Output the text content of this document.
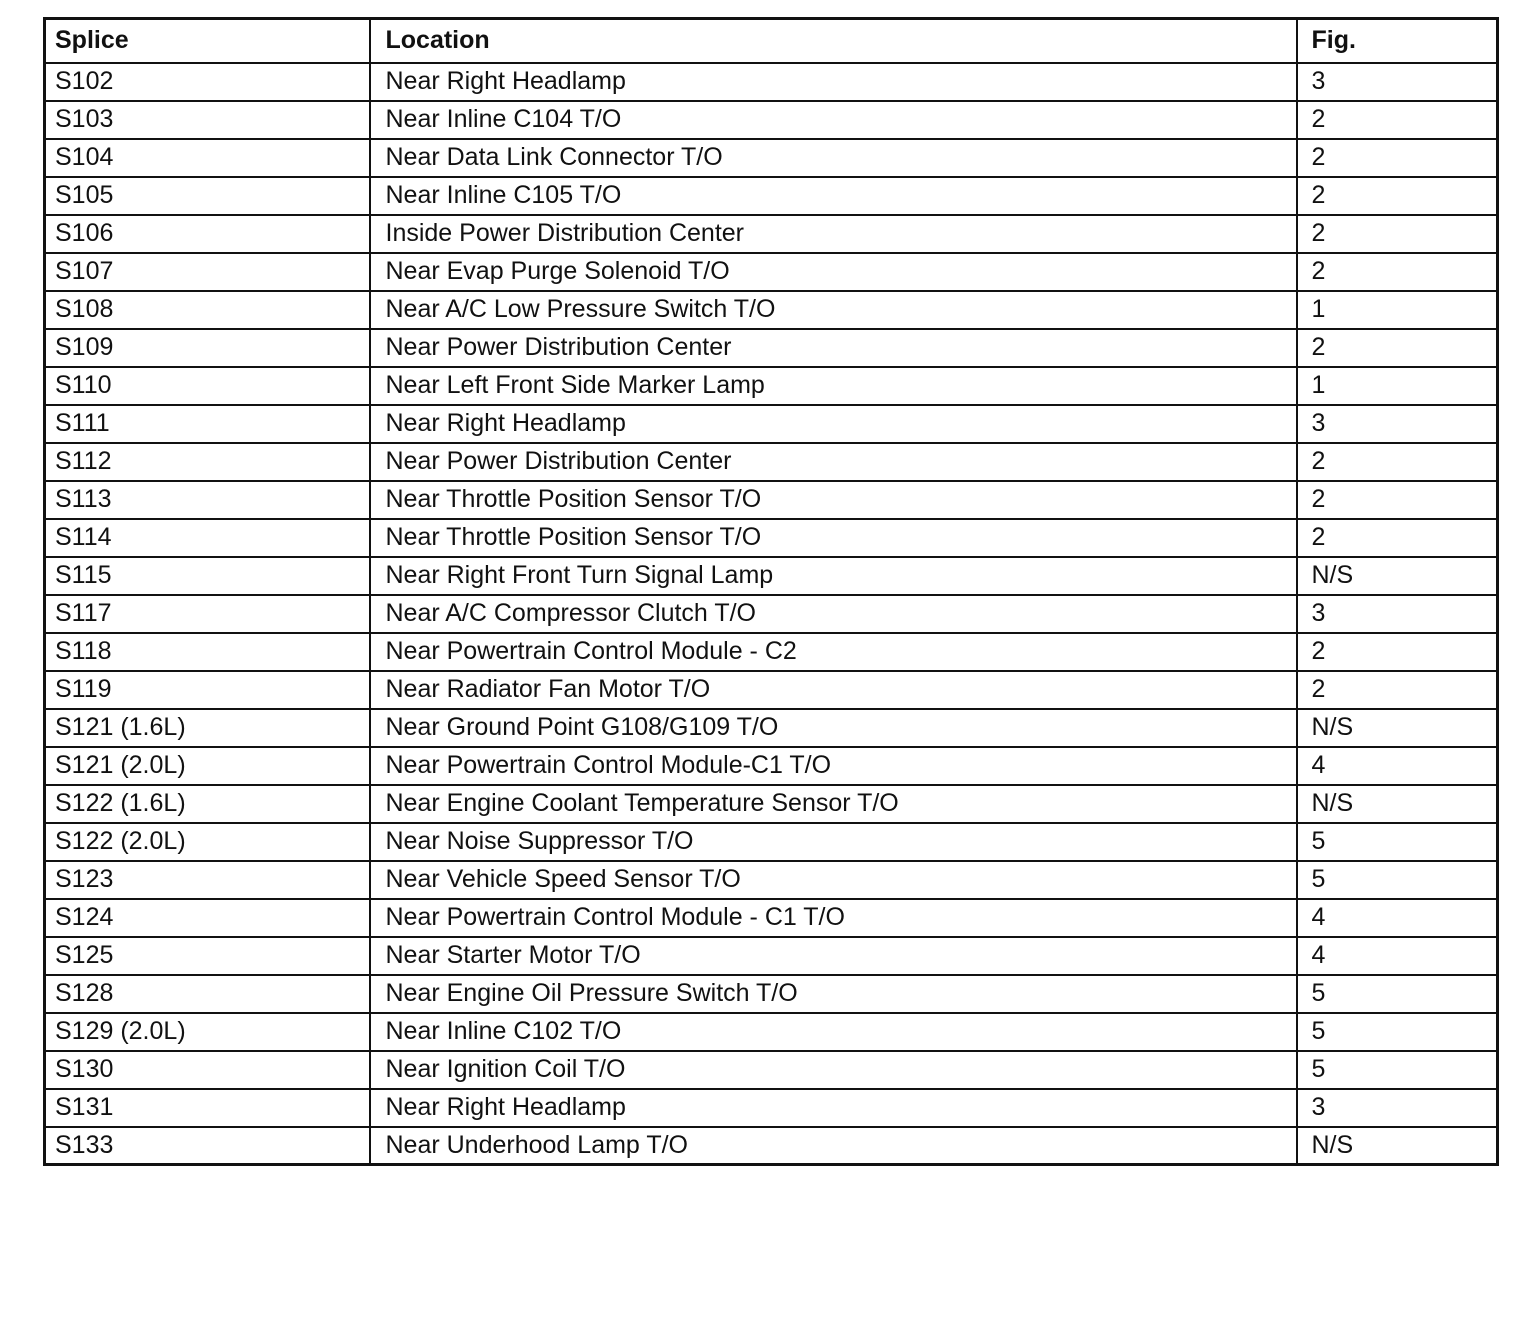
Splice	Location	Fig.
S102	Near Right Headlamp	3
S103	Near Inline C104 T/O	2
S104	Near Data Link Connector T/O	2
S105	Near Inline C105 T/O	2
S106	Inside Power Distribution Center	2
S107	Near Evap Purge Solenoid T/O	2
S108	Near A/C Low Pressure Switch T/O	1
S109	Near Power Distribution Center	2
S110	Near Left Front Side Marker Lamp	1
S111	Near Right Headlamp	3
S112	Near Power Distribution Center	2
S113	Near Throttle Position Sensor T/O	2
S114	Near Throttle Position Sensor T/O	2
S115	Near Right Front Turn Signal Lamp	N/S
S117	Near A/C Compressor Clutch T/O	3
S118	Near Powertrain Control Module - C2	2
S119	Near Radiator Fan Motor T/O	2
S121 (1.6L)	Near Ground Point G108/G109 T/O	N/S
S121 (2.0L)	Near Powertrain Control Module-C1 T/O	4
S122 (1.6L)	Near Engine Coolant Temperature Sensor T/O	N/S
S122 (2.0L)	Near Noise Suppressor T/O	5
S123	Near Vehicle Speed Sensor T/O	5
S124	Near Powertrain Control Module - C1 T/O	4
S125	Near Starter Motor T/O	4
S128	Near Engine Oil Pressure Switch T/O	5
S129 (2.0L)	Near Inline C102 T/O	5
S130	Near Ignition Coil T/O	5
S131	Near Right Headlamp	3
S133	Near Underhood Lamp T/O	N/S
